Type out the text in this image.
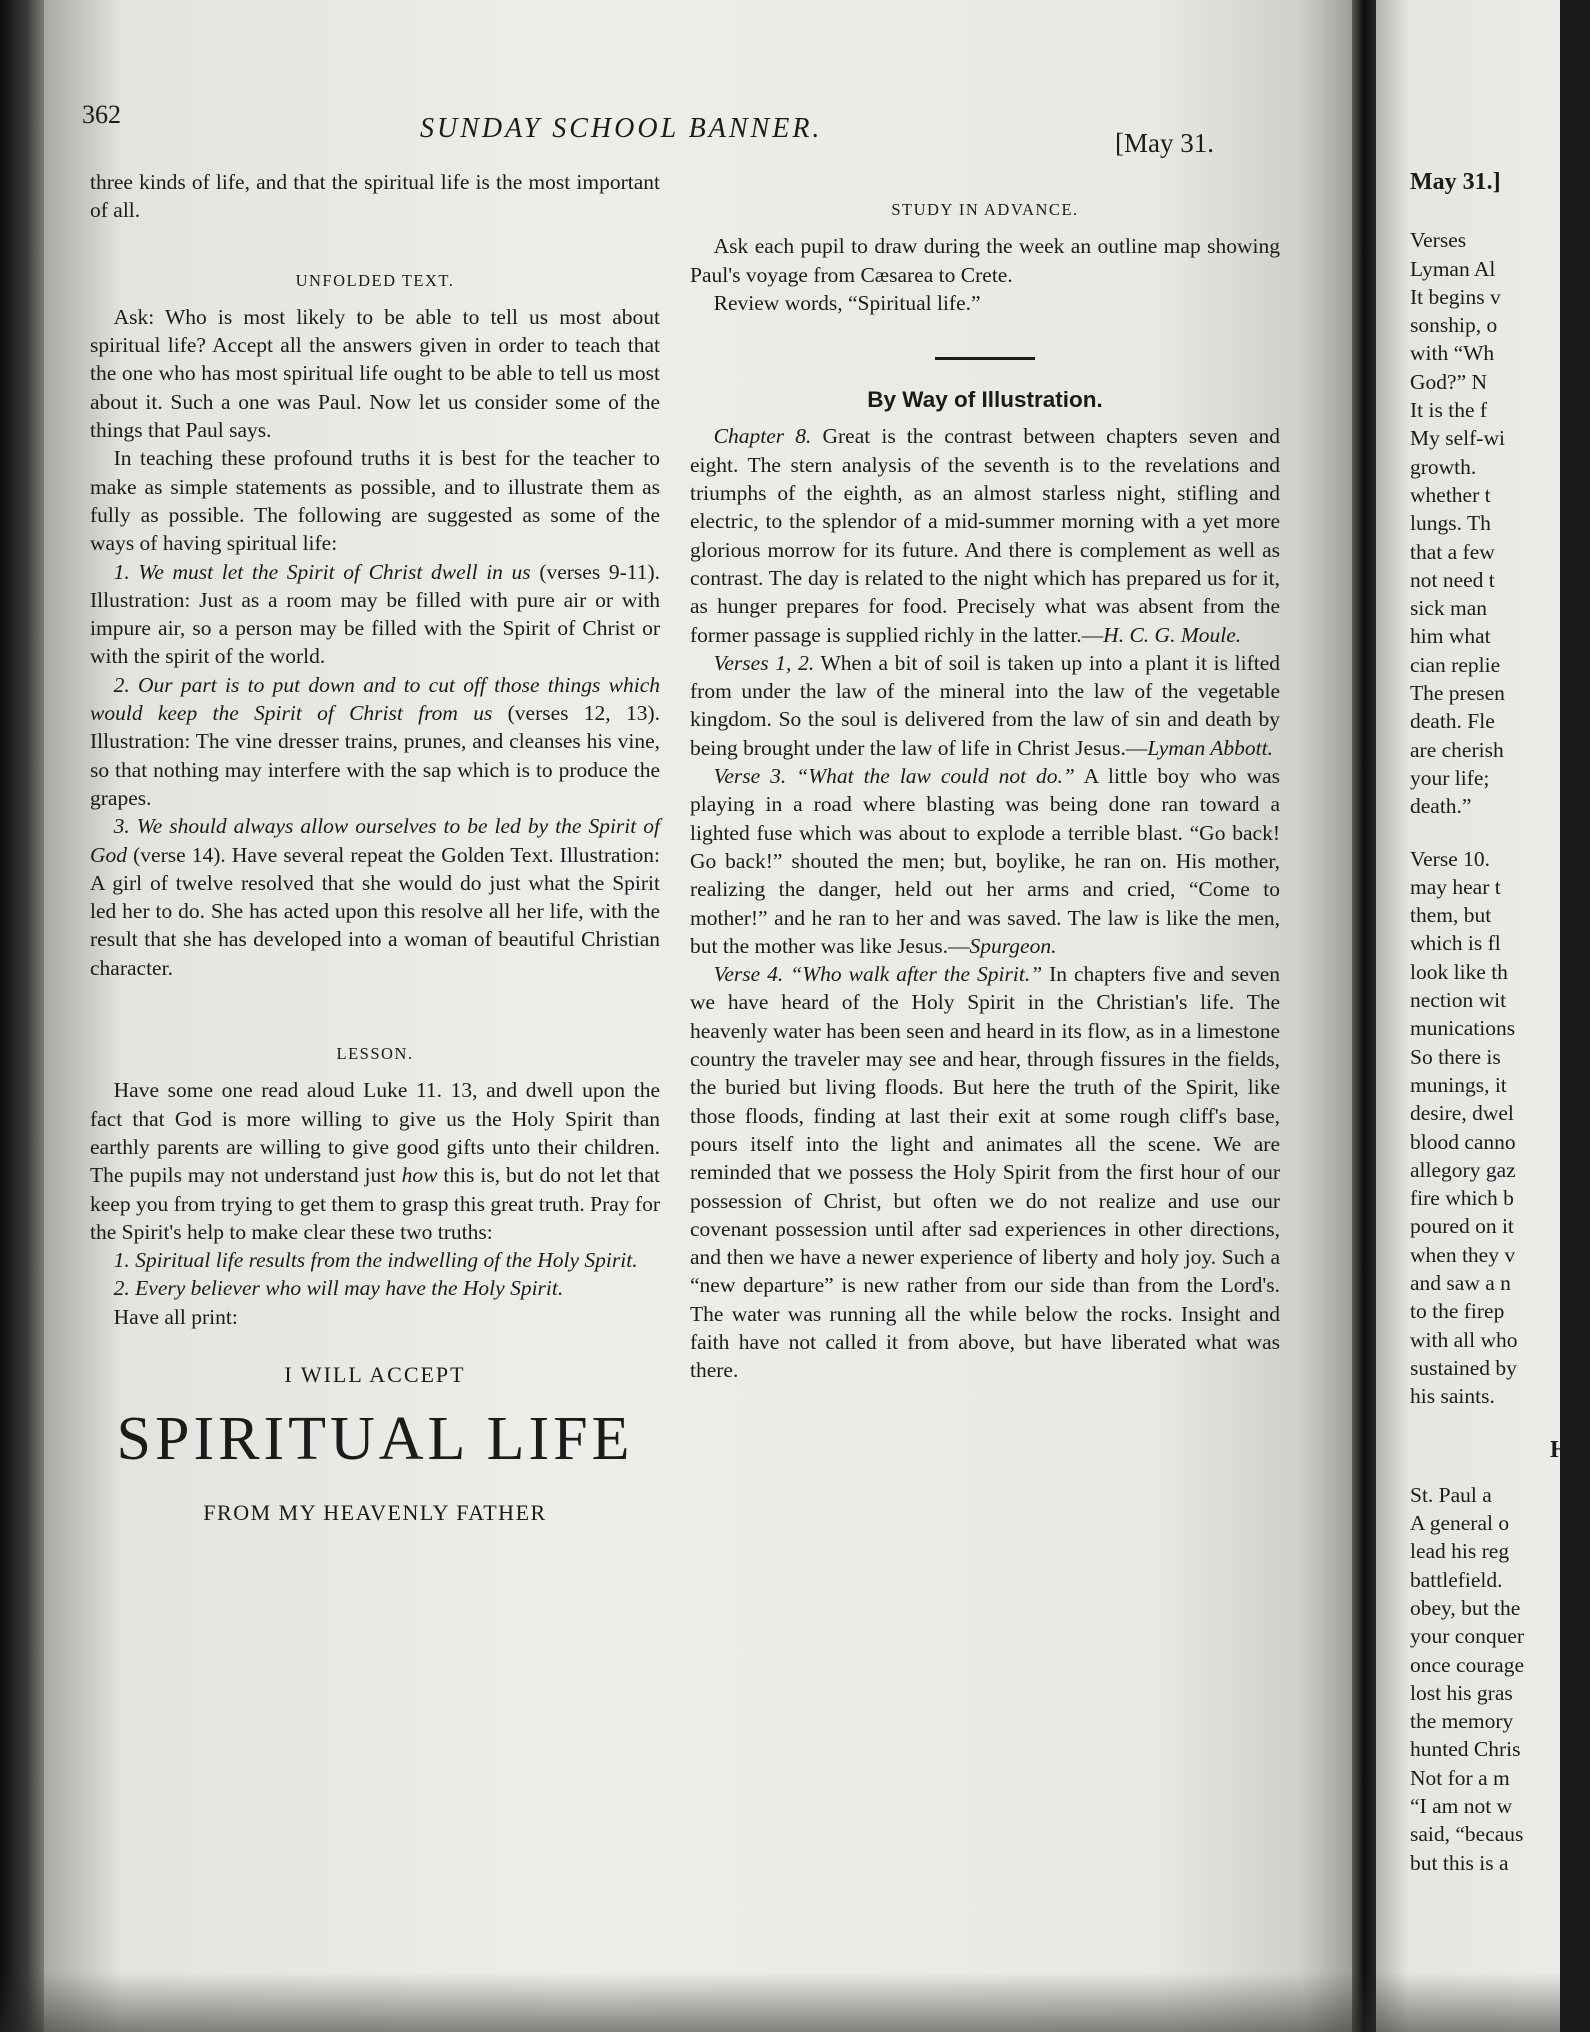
362	SUNDAY SCHOOL BANNER.	[May 31.

three kinds of life, and that the spiritual life is the most important of all.

UNFOLDED TEXT.

Ask: Who is most likely to be able to tell us most about spiritual life? Accept all the answers given in order to teach that the one who has most spiritual life ought to be able to tell us most about it. Such a one was Paul. Now let us consider some of the things that Paul says.

In teaching these profound truths it is best for the teacher to make as simple statements as possible, and to illustrate them as fully as possible. The following are suggested as some of the ways of having spiritual life:

1. We must let the Spirit of Christ dwell in us (verses 9-11). Illustration: Just as a room may be filled with pure air or with impure air, so a person may be filled with the Spirit of Christ or with the spirit of the world.

2. Our part is to put down and to cut off those things which would keep the Spirit of Christ from us (verses 12, 13). Illustration: The vine dresser trains, prunes, and cleanses his vine, so that nothing may interfere with the sap which is to produce the grapes.

3. We should always allow ourselves to be led by the Spirit of God (verse 14). Have several repeat the Golden Text. Illustration: A girl of twelve resolved that she would do just what the Spirit led her to do. She has acted upon this resolve all her life, with the result that she has developed into a woman of beautiful Christian character.

LESSON.

Have some one read aloud Luke 11. 13, and dwell upon the fact that God is more willing to give us the Holy Spirit than earthly parents are willing to give good gifts unto their children. The pupils may not understand just how this is, but do not let that keep you from trying to get them to grasp this great truth. Pray for the Spirit's help to make clear these two truths:

1. Spiritual life results from the indwelling of the Holy Spirit.

2. Every believer who will may have the Holy Spirit.

Have all print:

I WILL ACCEPT
SPIRITUAL LIFE
FROM MY HEAVENLY FATHER
STUDY IN ADVANCE.

Ask each pupil to draw during the week an outline map showing Paul's voyage from Cæsarea to Crete.

Review words, “Spiritual life.”

By Way of Illustration.

Chapter 8. Great is the contrast between chapters seven and eight. The stern analysis of the seventh is to the revelations and triumphs of the eighth, as an almost starless night, stifling and electric, to the splendor of a mid-summer morning with a yet more glorious morrow for its future. And there is complement as well as contrast. The day is related to the night which has prepared us for it, as hunger prepares for food. Precisely what was absent from the former passage is supplied richly in the latter.—H. C. G. Moule.

Verses 1, 2. When a bit of soil is taken up into a plant it is lifted from under the law of the mineral into the law of the vegetable kingdom. So the soul is delivered from the law of sin and death by being brought under the law of life in Christ Jesus.—Lyman Abbott.

Verse 3. “What the law could not do.” A little boy who was playing in a road where blasting was being done ran toward a lighted fuse which was about to explode a terrible blast. “Go back! Go back!” shouted the men; but, boylike, he ran on. His mother, realizing the danger, held out her arms and cried, “Come to mother!” and he ran to her and was saved. The law is like the men, but the mother was like Jesus.—Spurgeon.

Verse 4. “Who walk after the Spirit.” In chapters five and seven we have heard of the Holy Spirit in the Christian's life. The heavenly water has been seen and heard in its flow, as in a limestone country the traveler may see and hear, through fissures in the fields, the buried but living floods. But here the truth of the Spirit, like those floods, finding at last their exit at some rough cliff's base, pours itself into the light and animates all the scene. We are reminded that we possess the Holy Spirit from the first hour of our possession of Christ, but often we do not realize and use our covenant possession until after sad experiences in other directions, and then we have a newer experience of liberty and holy joy. Such a “new departure” is new rather from our side than from the Lord's. The water was running all the while below the rocks. Insight and faith have not called it from above, but have liberated what was there.

May 31.]

Verses

Lyman Al

It begins v

sonship, o

with “Wh

God?” N

It is the f

My self-wi

growth.

whether t

lungs. Th

that a few

not need t

sick man

him what

cian replie

The presen

death. Fle

are cherish

your life;

death.”

Verse 10.

may hear t

them, but

which is fl

look like th

nection wit

munications

So there is

munings, it

desire, dwel

blood canno

allegory gaz

fire which b

poured on it

when they v

and saw a n

to the firep

with all who

sustained by

his saints.

H

St. Paul a

A general o

lead his reg

battlefield.

obey, but the

your conquer

once courage

lost his gras

the memory

hunted Chris

Not for a m

“I am not w

said, “becaus

but this is a
